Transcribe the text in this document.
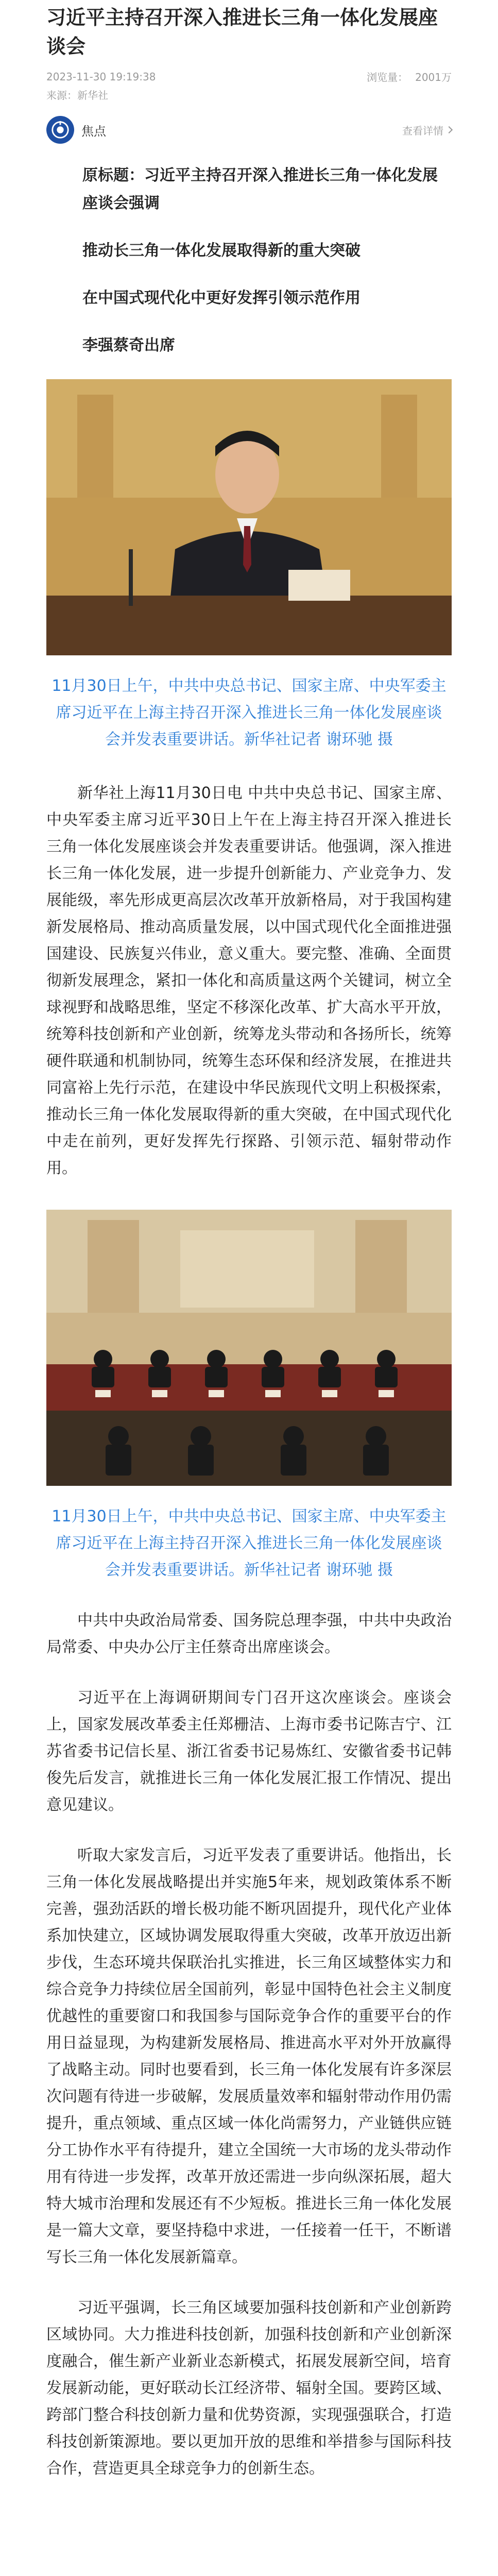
习近平主持召开深入推进长三角一体化发展座谈会
2023-11-30 19:19:38	浏览量： 2001万
来源：新华社
焦点	查看详情

原标题：习近平主持召开深入推进长三角一体化发展座谈会强调

推动长三角一体化发展取得新的重大突破

在中国式现代化中更好发挥引领示范作用

李强蔡奇出席

11月30日上午，中共中央总书记、国家主席、中央军委主席习近平在上海主持召开深入推进长三角一体化发展座谈会并发表重要讲话。新华社记者 谢环驰 摄

新华社上海11月30日电 中共中央总书记、国家主席、中央军委主席习近平30日上午在上海主持召开深入推进长三角一体化发展座谈会并发表重要讲话。他强调，深入推进长三角一体化发展，进一步提升创新能力、产业竞争力、发展能级，率先形成更高层次改革开放新格局，对于我国构建新发展格局、推动高质量发展，以中国式现代化全面推进强国建设、民族复兴伟业，意义重大。要完整、准确、全面贯彻新发展理念，紧扣一体化和高质量这两个关键词，树立全球视野和战略思维，坚定不移深化改革、扩大高水平开放，统筹科技创新和产业创新，统筹龙头带动和各扬所长，统筹硬件联通和机制协同，统筹生态环保和经济发展，在推进共同富裕上先行示范，在建设中华民族现代文明上积极探索，推动长三角一体化发展取得新的重大突破，在中国式现代化中走在前列，更好发挥先行探路、引领示范、辐射带动作用。

11月30日上午，中共中央总书记、国家主席、中央军委主席习近平在上海主持召开深入推进长三角一体化发展座谈会并发表重要讲话。新华社记者 谢环驰 摄

中共中央政治局常委、国务院总理李强，中共中央政治局常委、中央办公厅主任蔡奇出席座谈会。

习近平在上海调研期间专门召开这次座谈会。座谈会上，国家发展改革委主任郑栅洁、上海市委书记陈吉宁、江苏省委书记信长星、浙江省委书记易炼红、安徽省委书记韩俊先后发言，就推进长三角一体化发展汇报工作情况、提出意见建议。

听取大家发言后，习近平发表了重要讲话。他指出，长三角一体化发展战略提出并实施5年来，规划政策体系不断完善，强劲活跃的增长极功能不断巩固提升，现代化产业体系加快建立，区域协调发展取得重大突破，改革开放迈出新步伐，生态环境共保联治扎实推进，长三角区域整体实力和综合竞争力持续位居全国前列，彰显中国特色社会主义制度优越性的重要窗口和我国参与国际竞争合作的重要平台的作用日益显现，为构建新发展格局、推进高水平对外开放赢得了战略主动。同时也要看到，长三角一体化发展有许多深层次问题有待进一步破解，发展质量效率和辐射带动作用仍需提升，重点领域、重点区域一体化尚需努力，产业链供应链分工协作水平有待提升，建立全国统一大市场的龙头带动作用有待进一步发挥，改革开放还需进一步向纵深拓展，超大特大城市治理和发展还有不少短板。推进长三角一体化发展是一篇大文章，要坚持稳中求进，一任接着一任干，不断谱写长三角一体化发展新篇章。

习近平强调，长三角区域要加强科技创新和产业创新跨区域协同。大力推进科技创新，加强科技创新和产业创新深度融合，催生新产业新业态新模式，拓展发展新空间，培育发展新动能，更好联动长江经济带、辐射全国。要跨区域、跨部门整合科技创新力量和优势资源，实现强强联合，打造科技创新策源地。要以更加开放的思维和举措参与国际科技合作，营造更具全球竞争力的创新生态。
